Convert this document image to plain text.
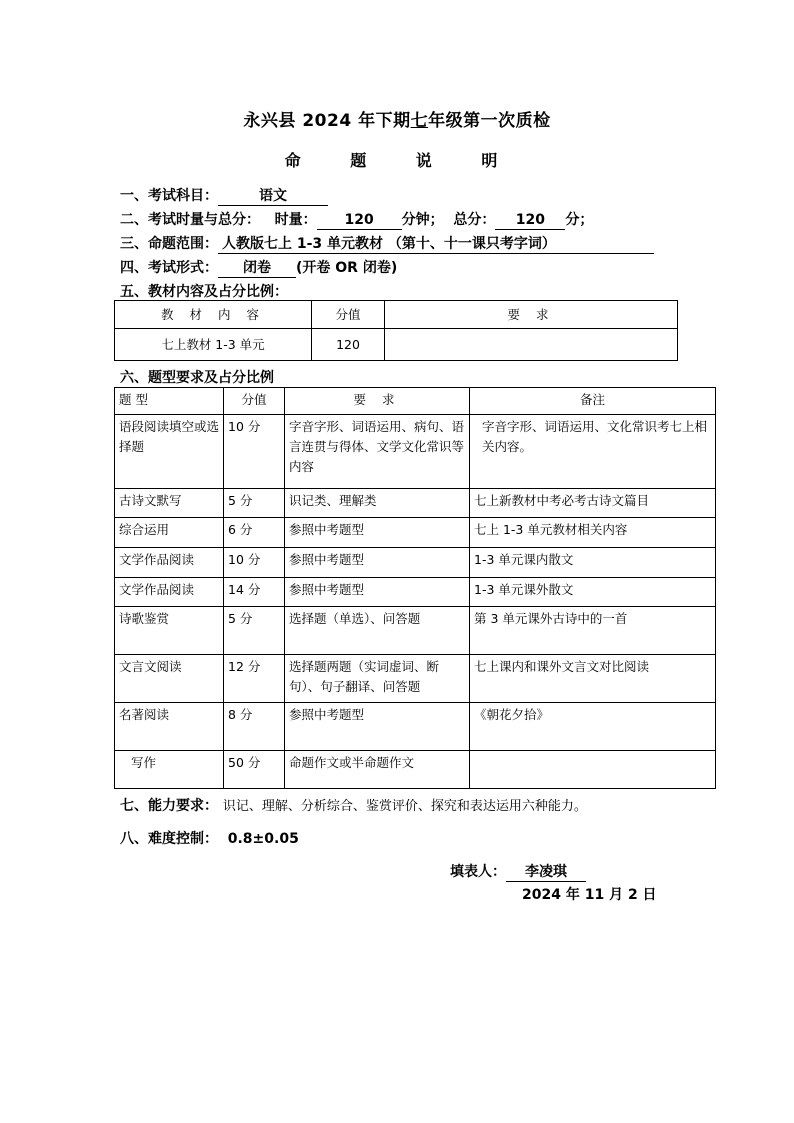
永兴县 2024 年下期七年级第一次质检
命 题 说 明
一、考试科目：	语文
二、考试时量与总分： 时量： 120 分钟； 总分： 120 分；
三、命题范围： 人教版七上 1-3 单元教材 （第十、十一课只考字词）
四、考试形式： 闭卷 (开卷 OR 闭卷)
五、教材内容及占分比例：
教 材 内 容	分值	要 求
七上教材 1-3 单元	120	
六、题型要求及占分比例
题 型	分值	要 求	备注
语段阅读填空或选择题	10 分	字音字形、词语运用、病句、语言连贯与得体、文学文化常识等内容	字音字形、词语运用、文化常识考七上相关内容。
古诗文默写	5 分	识记类、理解类	七上新教材中考必考古诗文篇目
综合运用	6 分	参照中考题型	七上 1-3 单元教材相关内容
文学作品阅读	10 分	参照中考题型	1-3 单元课内散文
文学作品阅读	14 分	参照中考题型	1-3 单元课外散文
诗歌鉴赏	5 分	选择题（单选）、问答题	第 3 单元课外古诗中的一首
文言文阅读	12 分	选择题两题（实词虚词、断句）、句子翻译、问答题	七上课内和课外文言文对比阅读
名著阅读	8 分	参照中考题型	《朝花夕拾》
写作	50 分	命题作文或半命题作文	
七、能力要求： 识记、理解、分析综合、鉴赏评价、探究和表达运用六种能力。
八、难度控制： 0.8±0.05
填表人： 李凌琪
2024 年 11 月 2 日
